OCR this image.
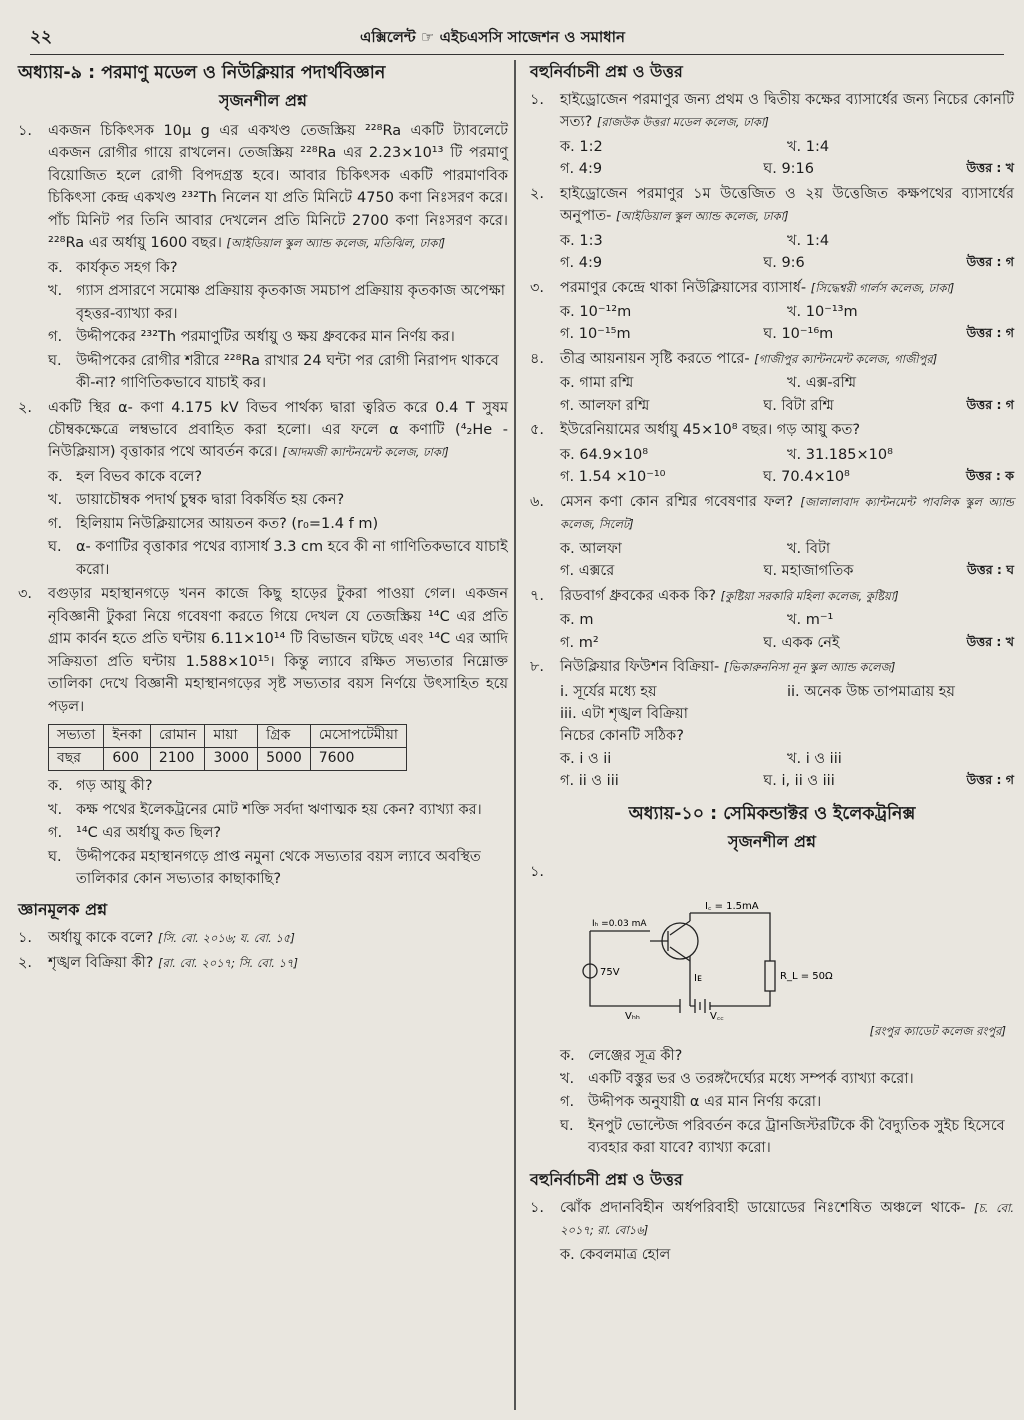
২২	এক্সিলেন্ট ☞ এইচএসসি সাজেশন ও সমাধান
অধ্যায়-৯ : পরমাণু মডেল ও নিউক্লিয়ার পদার্থবিজ্ঞান
সৃজনশীল প্রশ্ন
১.	একজন চিকিৎসক 10μ g এর একখণ্ড তেজস্ক্রিয় ²²⁸Ra একটি ট্যাবলেটে একজন রোগীর গায়ে রাখলেন। তেজস্ক্রিয় ²²⁸Ra এর 2.23×10¹³ টি পরমাণু বিয়োজিত হলে রোগী বিপদগ্রস্ত হবে। আবার চিকিৎসক একটি পারমাণবিক চিকিৎসা কেন্দ্র একখণ্ড ²³²Th নিলেন যা প্রতি মিনিটে 4750 কণা নিঃসরণ করে। পাঁচ মিনিট পর তিনি আবার দেখলেন প্রতি মিনিটে 2700 কণা নিঃসরণ করে। ²²⁸Ra এর অর্ধায়ু 1600 বছর। [আইডিয়াল স্কুল অ্যান্ড কলেজ, মতিঝিল, ঢাকা]
ক. কার্যকৃত সহগ কি?
খ. গ্যাস প্রসারণে সমোষ্ণ প্রক্রিয়ায় কৃতকাজ সমচাপ প্রক্রিয়ায় কৃতকাজ অপেক্ষা বৃহত্তর-ব্যাখ্যা কর।
গ. উদ্দীপকের ²³²Th পরমাণুটির অর্ধায়ু ও ক্ষয় ধ্রুবকের মান নির্ণয় কর।
ঘ. উদ্দীপকের রোগীর শরীরে ²²⁸Ra রাখার 24 ঘন্টা পর রোগী নিরাপদ থাকবে কী-না? গাণিতিকভাবে যাচাই কর।
২.	একটি স্থির α- কণা 4.175 kV বিভব পার্থক্য দ্বারা ত্বরিত করে 0.4 T সুষম চৌম্বকক্ষেত্রে লম্বভাবে প্রবাহিত করা হলো। এর ফলে α কণাটি (⁴₂He - নিউক্লিয়াস) বৃত্তাকার পথে আবর্তন করে। [আদমজী ক্যান্টনমেন্ট কলেজ, ঢাকা]
ক. হল বিভব কাকে বলে?
খ. ডায়াচৌম্বক পদার্থ চুম্বক দ্বারা বিকর্ষিত হয় কেন?
গ. হিলিয়াম নিউক্লিয়াসের আয়তন কত? (r₀=1.4 f m)
ঘ. α- কণাটির বৃত্তাকার পথের ব্যাসার্ধ 3.3 cm হবে কী না গাণিতিকভাবে যাচাই করো।
৩.	বগুড়ার মহাস্থানগড়ে খনন কাজে কিছু হাড়ের টুকরা পাওয়া গেল। একজন নৃবিজ্ঞানী টুকরা নিয়ে গবেষণা করতে গিয়ে দেখল যে তেজস্ক্রিয় ¹⁴C এর প্রতি গ্রাম কার্বন হতে প্রতি ঘন্টায় 6.11×10¹⁴ টি বিভাজন ঘটছে এবং ¹⁴C এর আদি সক্রিয়তা প্রতি ঘন্টায় 1.588×10¹⁵। কিন্তু ল্যাবে রক্ষিত সভ্যতার নিম্নোক্ত তালিকা দেখে বিজ্ঞানী মহাস্থানগড়ের সৃষ্ট সভ্যতার বয়স নির্ণয়ে উৎসাহিত হয়ে পড়ল।
সভ্যতা	ইনকা	রোমান	মায়া	গ্রিক	মেসোপটেমীয়া
বছর	600	2100	3000	5000	7600
ক. গড় আয়ু কী?
খ. কক্ষ পথের ইলেকট্রনের মোট শক্তি সর্বদা ঋণাত্মক হয় কেন? ব্যাখ্যা কর।
গ. ¹⁴C এর অর্ধায়ু কত ছিল?
ঘ. উদ্দীপকের মহাস্থানগড়ে প্রাপ্ত নমুনা থেকে সভ্যতার বয়স ল্যাবে অবস্থিত তালিকার কোন সভ্যতার কাছাকাছি?
জ্ঞানমূলক প্রশ্ন
১.	অর্ধায়ু কাকে বলে? [সি. বো. ২০১৬; য. বো. ১৫]
২.	শৃঙ্খল বিক্রিয়া কী? [রা. বো. ২০১৭; সি. বো. ১৭]
বহুনির্বাচনী প্রশ্ন ও উত্তর
১.	হাইড্রোজেন পরমাণুর জন্য প্রথম ও দ্বিতীয় কক্ষের ব্যাসার্ধের জন্য নিচের কোনটি সত্য? [রাজউক উত্তরা মডেল কলেজ, ঢাকা]
ক. 1:2	খ. 1:4
গ. 4:9	ঘ. 9:16	উত্তর : খ
২.	হাইড্রোজেন পরমাণুর ১ম উত্তেজিত ও ২য় উত্তেজিত কক্ষপথের ব্যাসার্ধের অনুপাত- [আইডিয়াল স্কুল অ্যান্ড কলেজ, ঢাকা]
ক. 1:3	খ. 1:4
গ. 4:9	ঘ. 9:6	উত্তর : গ
৩.	পরমাণুর কেন্দ্রে থাকা নিউক্লিয়াসের ব্যাসার্ধ- [সিদ্ধেশ্বরী গার্লস কলেজ, ঢাকা]
ক. 10⁻¹²m	খ. 10⁻¹³m
গ. 10⁻¹⁵m	ঘ. 10⁻¹⁶m	উত্তর : গ
৪.	তীব্র আয়নায়ন সৃষ্টি করতে পারে- [গাজীপুর ক্যান্টনমেন্ট কলেজ, গাজীপুর]
ক. গামা রশ্মি	খ. এক্স-রশ্মি
গ. আলফা রশ্মি	ঘ. বিটা রশ্মি	উত্তর : গ
৫.	ইউরেনিয়ামের অর্ধায়ু 45×10⁸ বছর। গড় আয়ু কত?
ক. 64.9×10⁸	খ. 31.185×10⁸
গ. 1.54 ×10⁻¹⁰	ঘ. 70.4×10⁸	উত্তর : ক
৬.	মেসন কণা কোন রশ্মির গবেষণার ফল? [জালালাবাদ ক্যান্টনমেন্ট পাবলিক স্কুল অ্যান্ড কলেজ, সিলেট]
ক. আলফা	খ. বিটা
গ. এক্সরে	ঘ. মহাজাগতিক	উত্তর : ঘ
৭.	রিডবার্গ ধ্রুবকের একক কি? [কুষ্টিয়া সরকারি মহিলা কলেজ, কুষ্টিয়া]
ক. m	খ. m⁻¹
গ. m²	ঘ. একক নেই	উত্তর : খ
৮.	নিউক্লিয়ার ফিউশন বিক্রিয়া- [ভিকারুননিসা নূন স্কুল অ্যান্ড কলেজ]
i. সূর্যের মধ্যে হয়	ii. অনেক উচ্চ তাপমাত্রায় হয়
iii. এটা শৃঙ্খল বিক্রিয়া
নিচের কোনটি সঠিক?
ক. i ও ii	খ. i ও iii
গ. ii ও iii	ঘ. i, ii ও iii	উত্তর : গ
অধ্যায়-১০ : সেমিকন্ডাক্টর ও ইলেকট্রনিক্স
সৃজনশীল প্রশ্ন
১.
I꜀ = 1.5mA
Iₕ =0.03 mA
75V	R_L = 50Ω
Iᴇ
Vₕₕ	V꜀꜀
[রংপুর ক্যাডেট কলেজ রংপুর]
ক. লেঞ্জের সূত্র কী?
খ. একটি বস্তুর ভর ও তরঙ্গদৈর্ঘ্যের মধ্যে সম্পর্ক ব্যাখ্যা করো।
গ. উদ্দীপক অনুযায়ী α এর মান নির্ণয় করো।
ঘ. ইনপুট ভোল্টেজ পরিবর্তন করে ট্রানজিস্টরটিকে কী বৈদ্যুতিক সুইচ হিসেবে ব্যবহার করা যাবে? ব্যাখ্যা করো।
বহুনির্বাচনী প্রশ্ন ও উত্তর
১.	ঝোঁক প্রদানবিহীন অর্ধপরিবাহী ডায়োডের নিঃশেষিত অঞ্চলে থাকে- [চ. বো. ২০১৭; রা. বো১৬]
ক. কেবলমাত্র হোল
